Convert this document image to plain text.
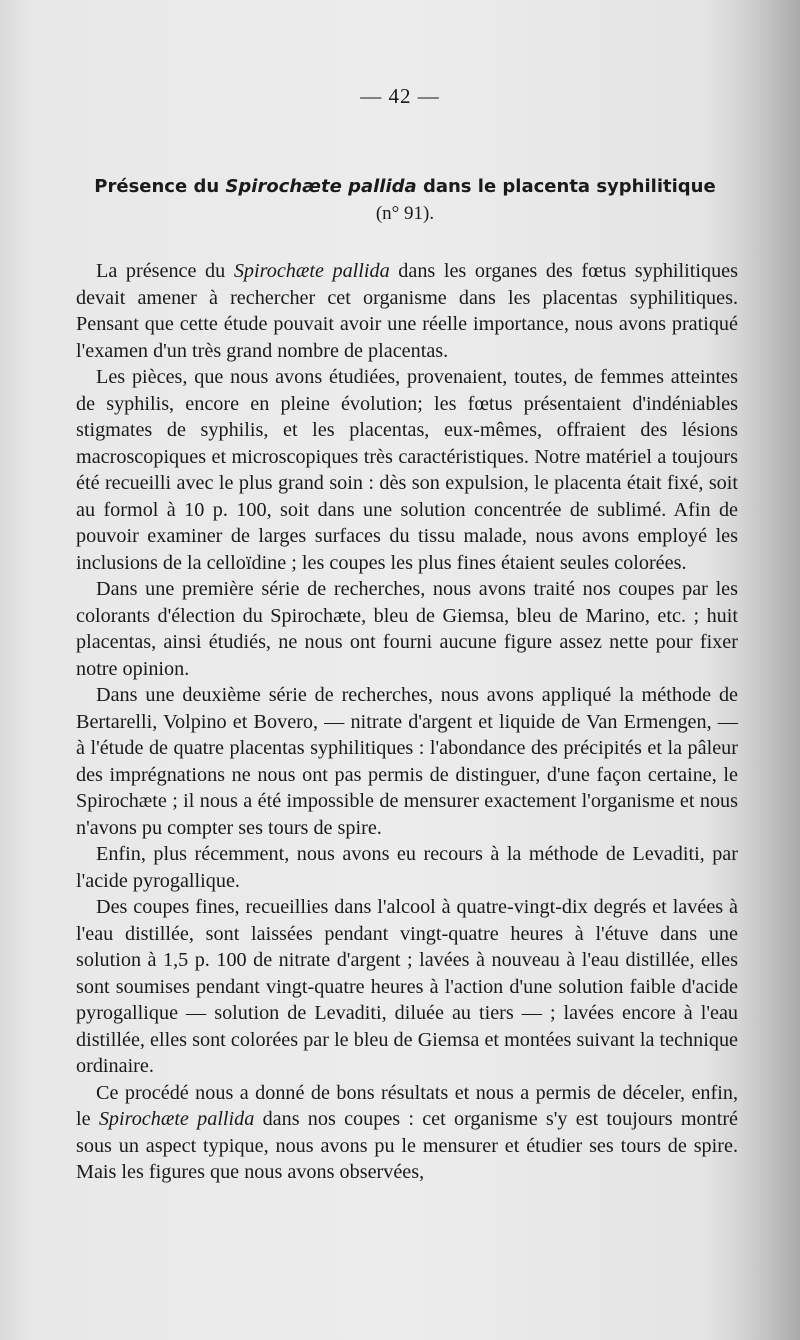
— 42 —
Présence du Spirochæte pallida dans le placenta syphilitique
(n° 91).

La présence du Spirochæte pallida dans les organes des fœtus syphilitiques devait amener à rechercher cet organisme dans les placentas syphilitiques. Pensant que cette étude pouvait avoir une réelle importance, nous avons pratiqué l'examen d'un très grand nombre de placentas.

Les pièces, que nous avons étudiées, provenaient, toutes, de femmes atteintes de syphilis, encore en pleine évolution; les fœtus présentaient d'indéniables stigmates de syphilis, et les placentas, eux-mêmes, offraient des lésions macroscopiques et microscopiques très caractéristiques. Notre matériel a toujours été recueilli avec le plus grand soin : dès son expulsion, le placenta était fixé, soit au formol à 10 p. 100, soit dans une solution concentrée de sublimé. Afin de pouvoir examiner de larges surfaces du tissu malade, nous avons employé les inclusions de la celloïdine ; les coupes les plus fines étaient seules colorées.

Dans une première série de recherches, nous avons traité nos coupes par les colorants d'élection du Spirochæte, bleu de Giemsa, bleu de Marino, etc. ; huit placentas, ainsi étudiés, ne nous ont fourni aucune figure assez nette pour fixer notre opinion.

Dans une deuxième série de recherches, nous avons appliqué la méthode de Bertarelli, Volpino et Bovero, — nitrate d'argent et liquide de Van Ermengen, — à l'étude de quatre placentas syphilitiques : l'abondance des précipités et la pâleur des imprégnations ne nous ont pas permis de distinguer, d'une façon certaine, le Spirochæte ; il nous a été impossible de mensurer exactement l'organisme et nous n'avons pu compter ses tours de spire.

Enfin, plus récemment, nous avons eu recours à la méthode de Levaditi, par l'acide pyrogallique.

Des coupes fines, recueillies dans l'alcool à quatre-vingt-dix degrés et lavées à l'eau distillée, sont laissées pendant vingt-quatre heures à l'étuve dans une solution à 1,5 p. 100 de nitrate d'argent ; lavées à nouveau à l'eau distillée, elles sont soumises pendant vingt-quatre heures à l'action d'une solution faible d'acide pyrogallique — solution de Levaditi, diluée au tiers — ; lavées encore à l'eau distillée, elles sont colorées par le bleu de Giemsa et montées suivant la technique ordinaire.

Ce procédé nous a donné de bons résultats et nous a permis de déceler, enfin, le Spirochæte pallida dans nos coupes : cet organisme s'y est toujours montré sous un aspect typique, nous avons pu le mensurer et étudier ses tours de spire. Mais les figures que nous avons observées,
